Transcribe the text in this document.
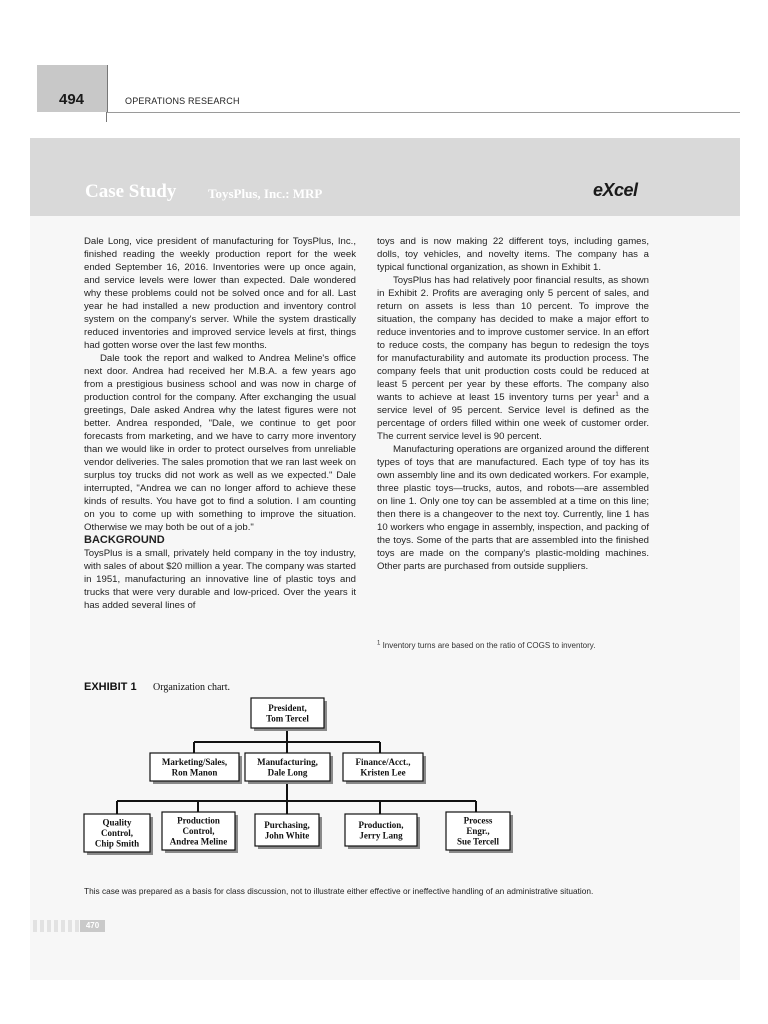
494	OPERATIONS RESEARCH
Case Study ToysPlus, Inc.: MRP	eXcel

Dale Long, vice president of manufacturing for ToysPlus, Inc., finished reading the weekly production report for the week ended September 16, 2016. Inventories were up once again, and service levels were lower than expected. Dale wondered why these problems could not be solved once and for all. Last year he had installed a new production and inventory control system on the company's server. While the system drastically reduced inventories and improved service levels at first, things had gotten worse over the last few months.

Dale took the report and walked to Andrea Meline's office next door. Andrea had received her M.B.A. a few years ago from a prestigious business school and was now in charge of production control for the company. After exchanging the usual greetings, Dale asked Andrea why the latest figures were not better. Andrea responded, "Dale, we continue to get poor forecasts from marketing, and we have to carry more inventory than we would like in order to protect ourselves from unreliable vendor deliveries. The sales promotion that we ran last week on surplus toy trucks did not work as well as we expected." Dale interrupted, "Andrea we can no longer afford to achieve these kinds of results. You have got to find a solution. I am counting on you to come up with something to improve the situation. Otherwise we may both be out of a job."

BACKGROUND

ToysPlus is a small, privately held company in the toy industry, with sales of about $20 million a year. The company was started in 1951, manufacturing an innovative line of plastic toys and trucks that were very durable and low-priced. Over the years it has added several lines of

toys and is now making 22 different toys, including games, dolls, toy vehicles, and novelty items. The company has a typical functional organization, as shown in Exhibit 1.

ToysPlus has had relatively poor financial results, as shown in Exhibit 2. Profits are averaging only 5 percent of sales, and return on assets is less than 10 percent. To improve the situation, the company has decided to make a major effort to reduce inventories and to improve customer service. In an effort to reduce costs, the company has begun to redesign the toys for manufacturability and automate its production process. The company feels that unit production costs could be reduced at least 5 percent per year by these efforts. The company also wants to achieve at least 15 inventory turns per year$^1$ and a service level of 95 percent. Service level is defined as the percentage of orders filled within one week of customer order. The current service level is 90 percent.

Manufacturing operations are organized around the different types of toys that are manufactured. Each type of toy has its own assembly line and its own dedicated workers. For example, three plastic toys—trucks, autos, and robots—are assembled on line 1. Only one toy can be assembled at a time on this line; then there is a changeover to the next toy. Currently, line 1 has 10 workers who engage in assembly, inspection, and packing of the toys. Some of the parts that are assembled into the finished toys are made on the company's plastic-molding machines. Other parts are purchased from outside suppliers.

$^1$ Inventory turns are based on the ratio of COGS to inventory.
EXHIBIT 1 Organization chart.
President,
Tom Tercel
Marketing/Sales,
Ron Manon
Manufacturing,
Dale Long
Finance/Acct.,
Kristen Lee
Quality
Control,
Chip Smith
Production
Control,
Andrea Meline
Purchasing,
John White
Production,
Jerry Lang
Process
Engr.,
Sue Tercell
This case was prepared as a basis for class discussion, not to illustrate either effective or ineffective handling of an administrative situation.
470
